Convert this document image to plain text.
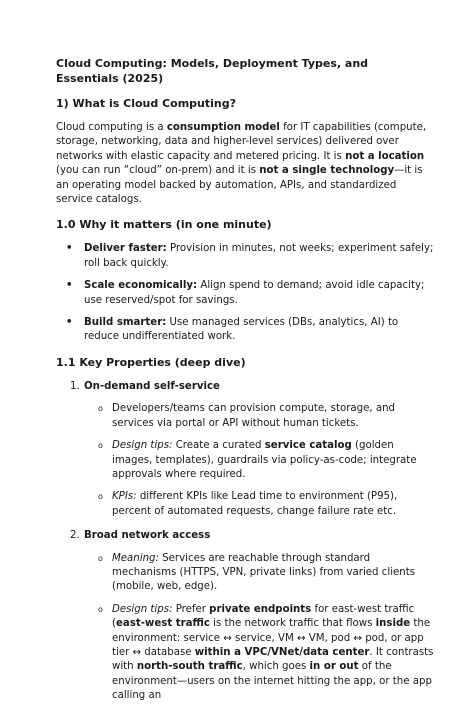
Cloud Computing: Models, Deployment Types, and Essentials (2025)
1) What is Cloud Computing?

Cloud computing is a consumption model for IT capabilities (compute, storage, networking, data and higher-level services) delivered over networks with elastic capacity and metered pricing. It is not a location (you can run “cloud” on-prem) and it is not a single technology—it is an operating model backed by automation, APIs, and standardized service catalogs.

1.0 Why it matters (in one minute)
• Deliver faster: Provision in minutes, not weeks; experiment safely; roll back quickly.
• Scale economically: Align spend to demand; avoid idle capacity; use reserved/spot for savings.
• Build smarter: Use managed services (DBs, analytics, AI) to reduce undifferentiated work.
1.1 Key Properties (deep dive)
1. On-demand self-service
o Developers/teams can provision compute, storage, and services via portal or API without human tickets.
o Design tips: Create a curated service catalog (golden images, templates), guardrails via policy-as-code; integrate approvals where required.
o KPIs: different KPIs like Lead time to environment (P95), percent of automated requests, change failure rate etc.
2. Broad network access
o Meaning: Services are reachable through standard mechanisms (HTTPS, VPN, private links) from varied clients (mobile, web, edge).
o Design tips: Prefer private endpoints for east-west traffic (east-west traffic is the network traffic that flows inside the environment: service ↔ service, VM ↔ VM, pod ↔ pod, or app tier ↔ database within a VPC/VNet/data center. It contrasts with north-south traffic, which goes in or out of the environment—users on the internet hitting the app, or the app calling an
